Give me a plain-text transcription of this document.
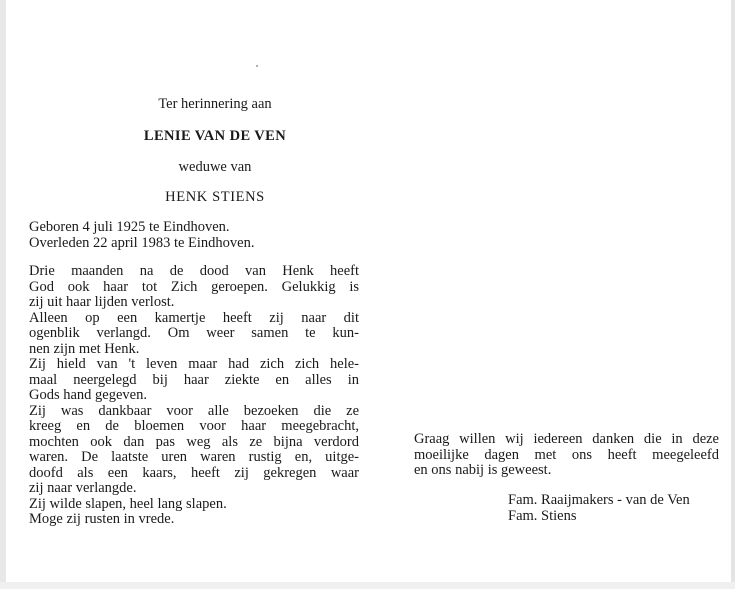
Ter herinnering aan
LENIE VAN DE VEN
weduwe van
HENK STIENS
Geboren 4 juli 1925 te Eindhoven.
Overleden 22 april 1983 te Eindhoven.
Drie maanden na de dood van Henk heeft
God ook haar tot Zich geroepen. Gelukkig is
zij uit haar lijden verlost.
Alleen op een kamertje heeft zij naar dit
ogenblik verlangd. Om weer samen te kun-
nen zijn met Henk.
Zij hield van 't leven maar had zich zich hele-
maal neergelegd bij haar ziekte en alles in
Gods hand gegeven.
Zij was dankbaar voor alle bezoeken die ze
kreeg en de bloemen voor haar meegebracht,
mochten ook dan pas weg als ze bijna verdord
waren. De laatste uren waren rustig en, uitge-
doofd als een kaars, heeft zij gekregen waar
zij naar verlangde.
Zij wilde slapen, heel lang slapen.
Moge zij rusten in vrede.
Graag willen wij iedereen danken die in deze
moeilijke dagen met ons heeft meegeleefd
en ons nabij is geweest.
Fam. Raaijmakers - van de Ven
Fam. Stiens
